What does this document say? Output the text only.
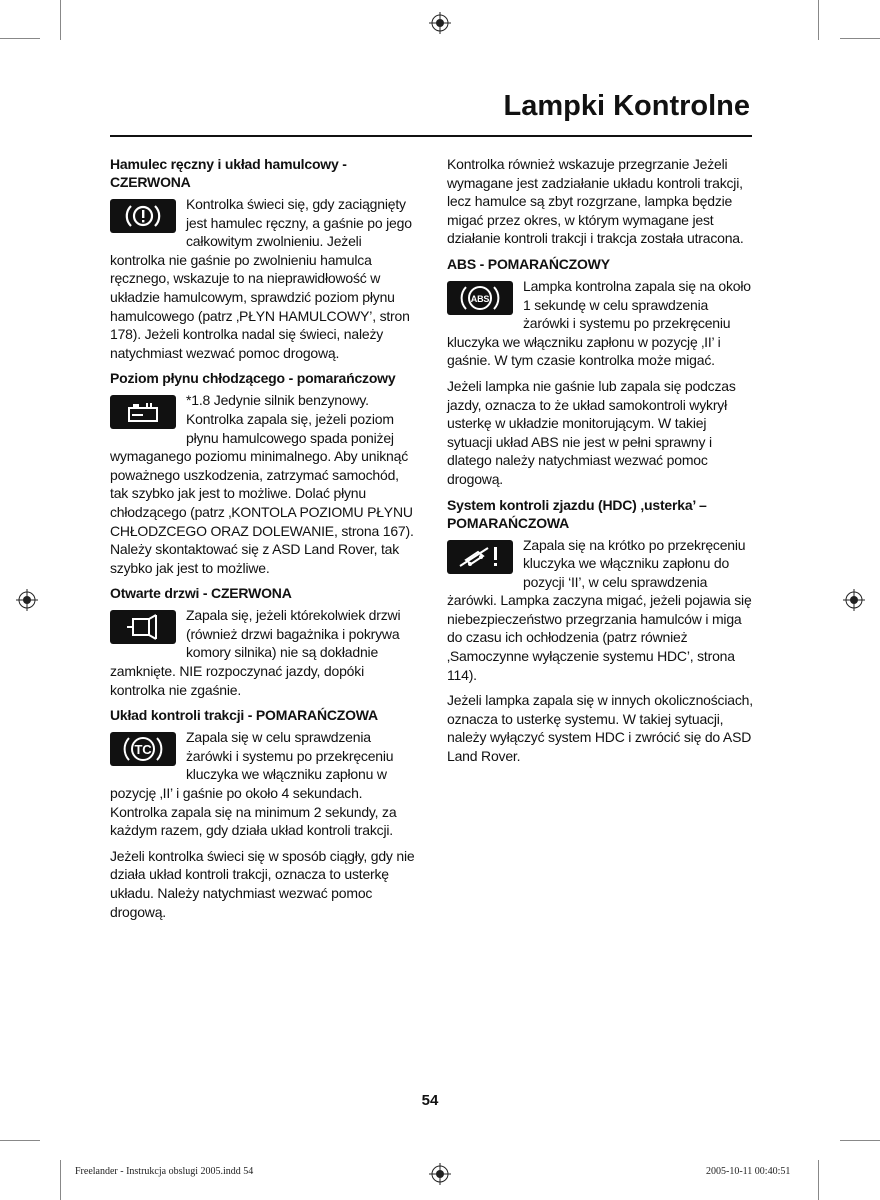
Lampki Kontrolne
Hamulec ręczny i układ hamulcowy - CZERWONA

Kontrolka świeci się, gdy zaciągnięty jest hamulec ręczny, a gaśnie po jego całkowitym zwolnieniu. Jeżeli kontrolka nie gaśnie po zwolnieniu hamulca ręcznego, wskazuje to na nieprawidłowość w układzie hamulcowym, sprawdzić poziom płynu hamulcowego (patrz ‚PŁYN HAMULCOWY’, stron 178). Jeżeli kontrolka nadal się świeci, należy natychmiast wezwać pomoc drogową.

Poziom płynu chłodzącego - pomarańczowy

*1.8 Jedynie silnik benzynowy. Kontrolka zapala się, jeżeli poziom płynu hamulcowego spada poniżej wymaganego poziomu minimalnego. Aby uniknąć poważnego uszkodzenia, zatrzymać samochód, tak szybko jak jest to możliwe. Dolać płynu chłodzącego (patrz ‚KONTOLA POZIOMU PŁYNU CHŁODZCEGO ORAZ DOLEWANIE, strona 167). Należy skontaktować się z ASD Land Rover, tak szybko jak jest to możliwe.

Otwarte drzwi - CZERWONA

Zapala się, jeżeli którekolwiek drzwi (również drzwi bagażnika i pokrywa komory silnika) nie są dokładnie zamknięte. NIE rozpoczynać jazdy, dopóki kontrolka nie zgaśnie.

Układ kontroli trakcji - POMARAŃCZOWA

TC
Zapala się w celu sprawdzenia żarówki i systemu po przekręceniu kluczyka we włączniku zapłonu w pozycję ‚II’ i gaśnie po około 4 sekundach. Kontrolka zapala się na minimum 2 sekundy, za każdym razem, gdy działa układ kontroli trakcji.

Jeżeli kontrolka świeci się w sposób ciągły, gdy nie działa układ kontroli trakcji, oznacza to usterkę układu. Należy natychmiast wezwać pomoc drogową.

Kontrolka również wskazuje przegrzanie Jeżeli wymagane jest zadziałanie układu kontroli trakcji, lecz hamulce są zbyt rozgrzane, lampka będzie migać przez okres, w którym wymagane jest działanie kontroli trakcji i trakcja została utracona.

ABS - POMARAŃCZOWY

ABS
Lampka kontrolna zapala się na około 1 sekundę w celu sprawdzenia żarówki i systemu po przekręceniu kluczyka we włączniku zapłonu w pozycję ‚II’ i gaśnie. W tym czasie kontrolka może migać.

Jeżeli lampka nie gaśnie lub zapala się podczas jazdy, oznacza to że układ samokontroli wykrył usterkę w układzie monitorującym. W takiej sytuacji układ ABS nie jest w pełni sprawny i dlatego należy natychmiast wezwać pomoc drogową.

System kontroli zjazdu (HDC) ‚usterka’ – POMARAŃCZOWA

Zapala się na krótko po przekręceniu kluczyka we włączniku zapłonu do pozycji ‘II’, w celu sprawdzenia żarówki. Lampka zaczyna migać, jeżeli pojawia się niebezpieczeństwo przegrzania hamulców i miga do czasu ich ochłodzenia (patrz również ‚Samoczynne wyłączenie systemu HDC’, strona 114).

Jeżeli lampka zapala się w innych okolicznościach, oznacza to usterkę systemu. W takiej sytuacji, należy wyłączyć system HDC i zwrócić się do ASD Land Rover.

54
Freelander - Instrukcja obslugi 2005.indd 54	2005-10-11 00:40:51
